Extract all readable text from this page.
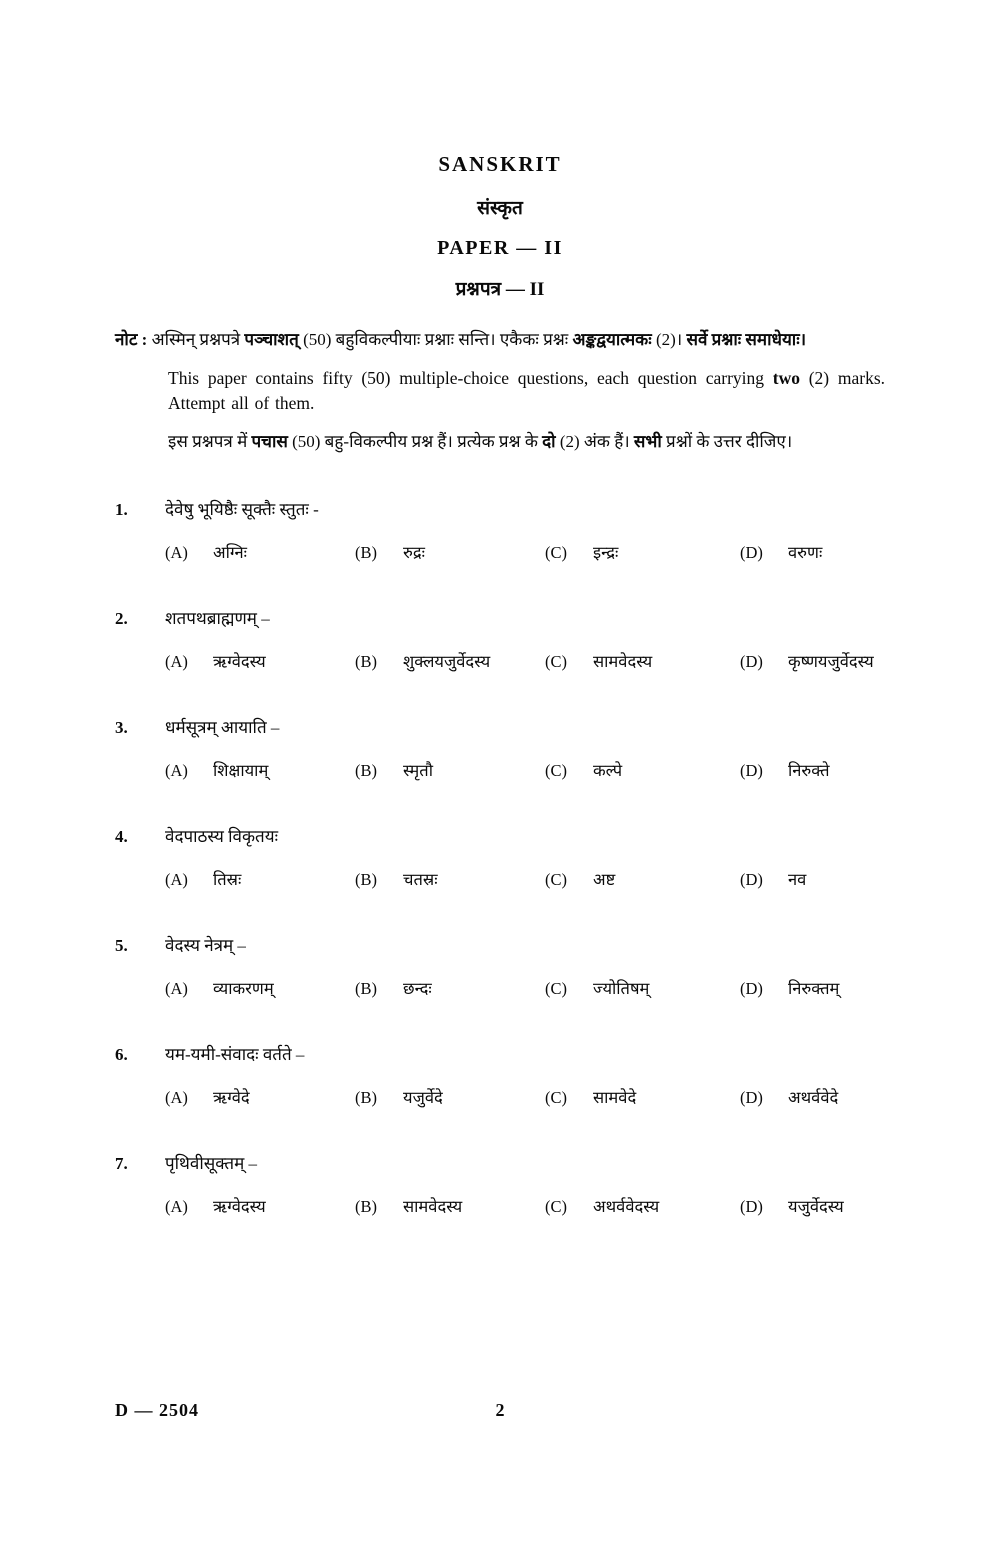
SANSKRIT
संस्कृत
PAPER — II
प्रश्नपत्र — II
नोट : अस्मिन् प्रश्नपत्रे पञ्चाशत् (50) बहुविकल्पीयाः प्रश्नाः सन्ति। एकैकः प्रश्नः अङ्कद्वयात्मकः (2)। सर्वे प्रश्नाः समाधेयाः।
This paper contains fifty (50) multiple-choice questions, each question carrying two (2) marks. Attempt all of them.
इस प्रश्नपत्र में पचास (50) बहु-विकल्पीय प्रश्न हैं। प्रत्येक प्रश्न के दो (2) अंक हैं। सभी प्रश्नों के उत्तर दीजिए।
1.	देवेषु भूयिष्ठैः सूक्तैः स्तुतः -
(A) अग्निः	(B) रुद्रः	(C) इन्द्रः	(D) वरुणः
2.	शतपथब्राह्मणम् –
(A) ऋग्वेदस्य	(B) शुक्लयजुर्वेदस्य	(C) सामवेदस्य	(D) कृष्णयजुर्वेदस्य
3.	धर्मसूत्रम् आयाति –
(A) शिक्षायाम्	(B) स्मृतौ	(C) कल्पे	(D) निरुक्ते
4.	वेदपाठस्य विकृतयः
(A) तिस्रः	(B) चतस्रः	(C) अष्ट	(D) नव
5.	वेदस्य नेत्रम् –
(A) व्याकरणम्	(B) छन्दः	(C) ज्योतिषम्	(D) निरुक्तम्
6.	यम-यमी-संवादः वर्तते –
(A) ऋग्वेदे	(B) यजुर्वेदे	(C) सामवेदे	(D) अथर्ववेदे
7.	पृथिवीसूक्तम् –
(A) ऋग्वेदस्य	(B) सामवेदस्य	(C) अथर्ववेदस्य	(D) यजुर्वेदस्य
D — 2504	2
